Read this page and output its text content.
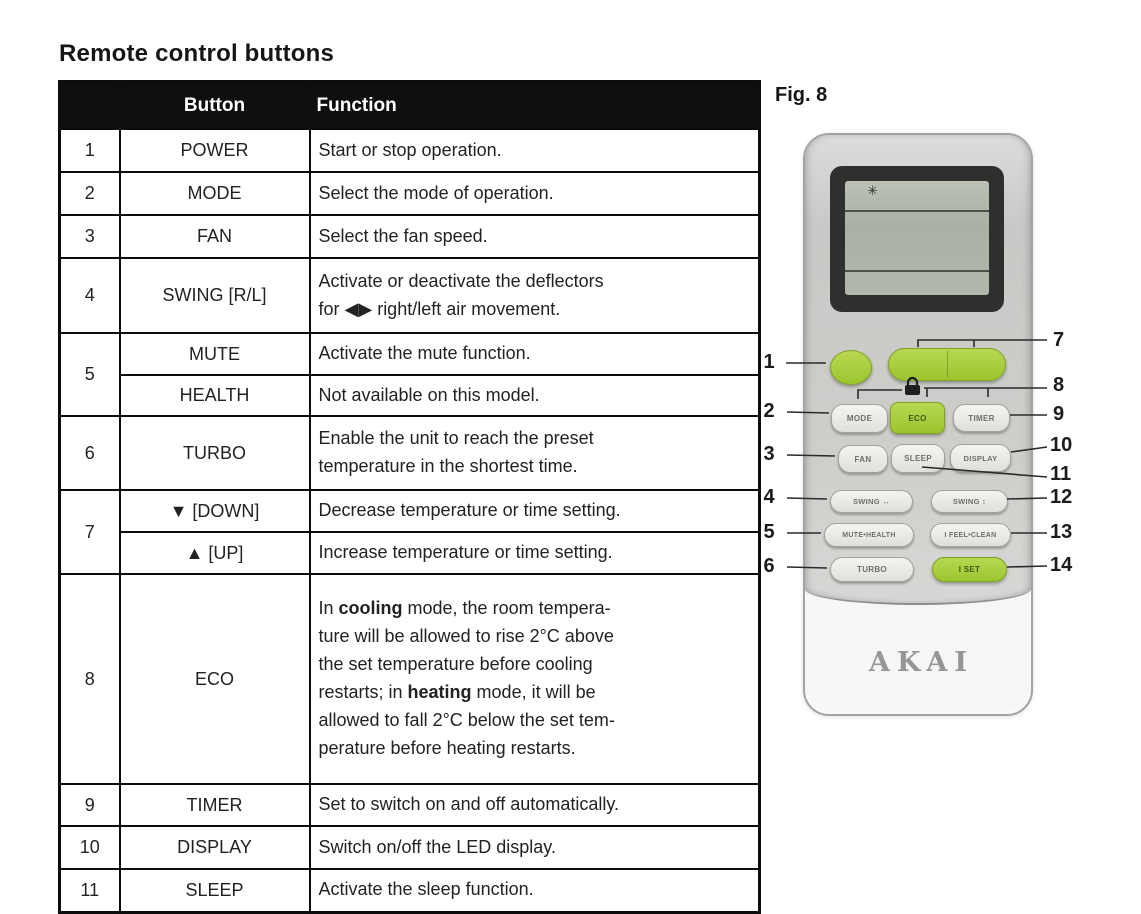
Remote control buttons
	Button	Function
1	POWER	Start or stop operation.
2	MODE	Select the mode of operation.
3	FAN	Select the fan speed.
4	SWING [R/L]	Activate or deactivate the deflectors
for ◀▶ right/left air movement.
5	MUTE	Activate the mute function.
	HEALTH	Not available on this model.
6	TURBO	Enable the unit to reach the preset
temperature in the shortest time.
7	▼ [DOWN]	Decrease temperature or time setting.
	▲ [UP]	Increase temperature or time setting.
8	ECO	In cooling mode, the room tempera-
ture will be allowed to rise 2°C above
the set temperature before cooling
restarts; in heating mode, it will be
allowed to fall 2°C below the set tem-
perature before heating restarts.
9	TIMER	Set to switch on and off automatically.
10	DISPLAY	Switch on/off the LED display.
11	SLEEP	Activate the sleep function.
Fig. 8
✳
MODE	ECO	TIMER
FAN	SLEEP	DISPLAY
SWING ↔	SWING ↕
MUTE•HEALTH	I FEEL•CLEAN
TURBO	I SET
AKAI
1
2
3
4
5
6
7
8
9
10
11
12
13
14
